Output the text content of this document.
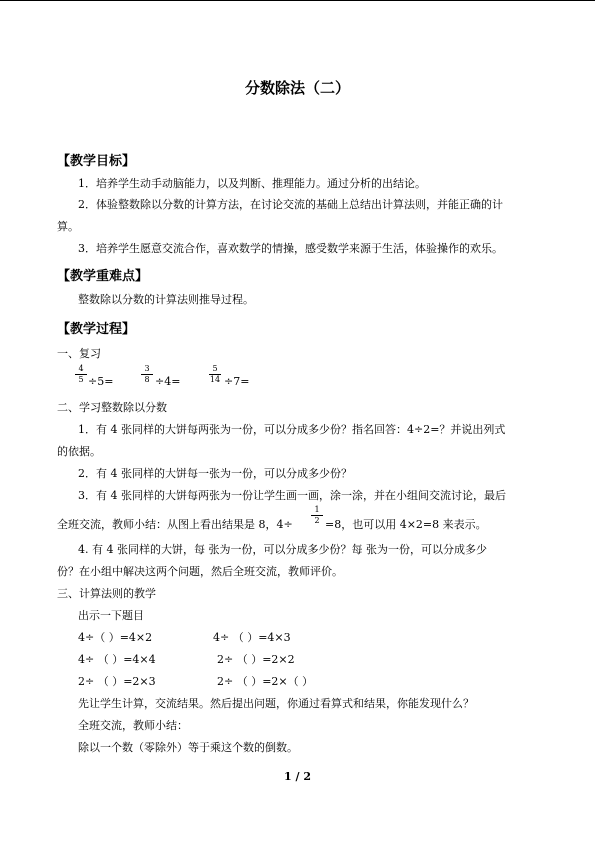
分数除法（二）
【教学目标】
1．培养学生动手动脑能力，以及判断、推理能力。通过分析的出结论。
2．体验整数除以分数的计算方法，在讨论交流的基础上总结出计算法则，并能正确的计
算。
3．培养学生愿意交流合作，喜欢数学的情操，感受数学来源于生活，体验操作的欢乐。
【教学重难点】
整数除以分数的计算法则推导过程。
【教学过程】
一、复习
$\frac{4}{5} \div 5=$	$\frac{3}{8} \div 4=$	$\frac{5}{14} \div 7=$
二、学习整数除以分数
1．有 4 张同样的大饼每两张为一份，可以分成多少份？指名回答：4÷2=？并说出列式
的依据。
2．有 4 张同样的大饼每一张为一份，可以分成多少份？
3．有 4 张同样的大饼每两张为一份让学生画一画，涂一涂，并在小组间交流讨论，最后
全班交流，教师小结：从图上看出结果是 8，$4\div \frac{1}{2} =8$，也可以用 4×2=8 来表示。
4. 有 4 张同样的大饼，每 张为一份，可以分成多少份？每 张为一份，可以分成多少
份？在小组中解决这两个问题，然后全班交流，教师评价。
三、计算法则的教学
出示一下题目
4÷（ ）=4×2	4÷ （ ）=4×3
4÷ （ ）=4×4	2÷ （ ）=2×2
2÷ （ ）=2×3	2÷ （ ）=2×（ ）
先让学生计算，交流结果。然后提出问题，你通过看算式和结果，你能发现什么？
全班交流，教师小结：
除以一个数（零除外）等于乘这个数的倒数。
1 / 2
